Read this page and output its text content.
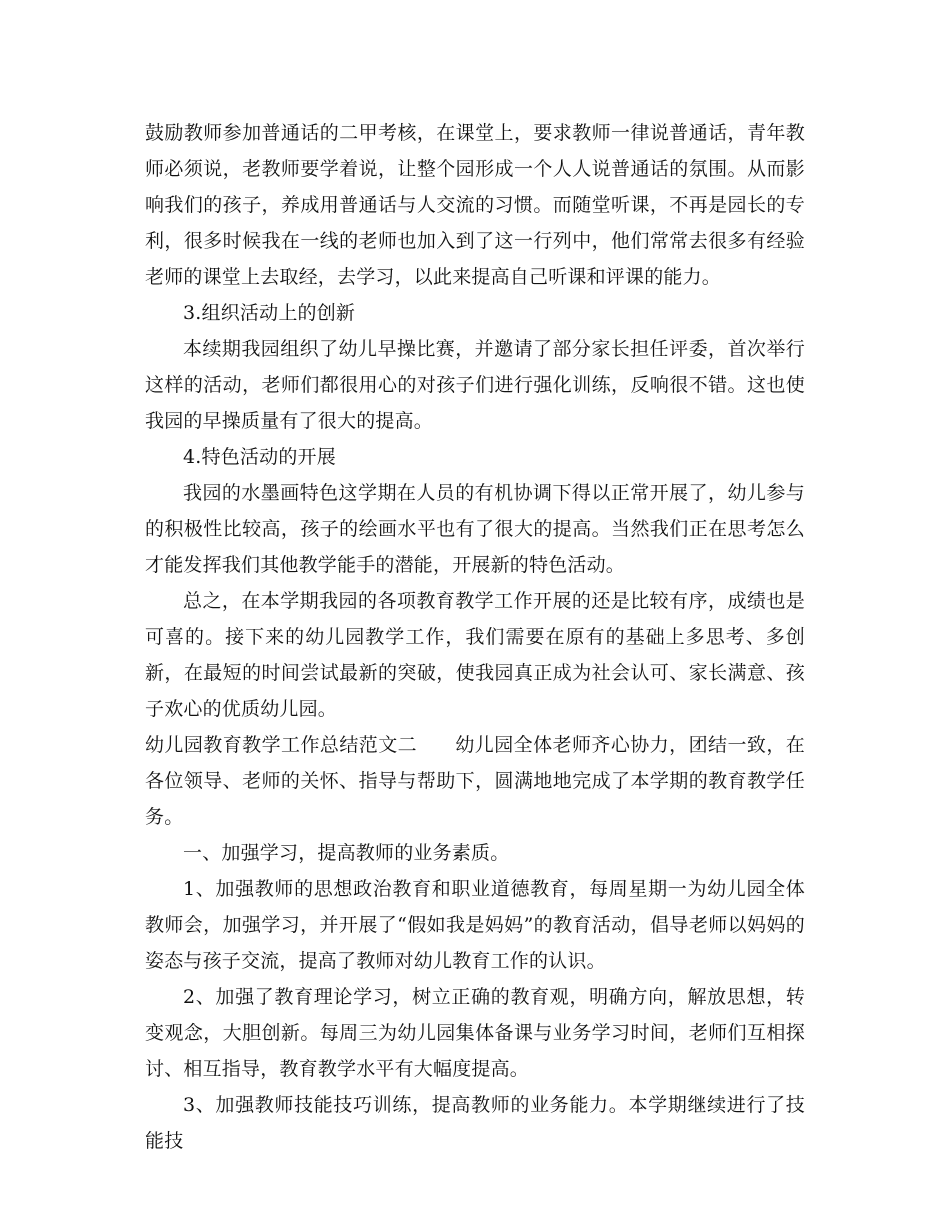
鼓励教师参加普通话的二甲考核，在课堂上，要求教师一律说普通话，青年教师必须说，老教师要学着说，让整个园形成一个人人说普通话的氛围。从而影响我们的孩子，养成用普通话与人交流的习惯。而随堂听课，不再是园长的专利，很多时候我在一线的老师也加入到了这一行列中，他们常常去很多有经验老师的课堂上去取经，去学习，以此来提高自己听课和评课的能力。

3.组织活动上的创新

本续期我园组织了幼儿早操比赛，并邀请了部分家长担任评委，首次举行这样的活动，老师们都很用心的对孩子们进行强化训练，反响很不错。这也使我园的早操质量有了很大的提高。

4.特色活动的开展

我园的水墨画特色这学期在人员的有机协调下得以正常开展了，幼儿参与的积极性比较高，孩子的绘画水平也有了很大的提高。当然我们正在思考怎么才能发挥我们其他教学能手的潜能，开展新的特色活动。

总之，在本学期我园的各项教育教学工作开展的还是比较有序，成绩也是可喜的。接下来的幼儿园教学工作，我们需要在原有的基础上多思考、多创新，在最短的时间尝试最新的突破，使我园真正成为社会认可、家长满意、孩子欢心的优质幼儿园。

幼儿园教育教学工作总结范文二 幼儿园全体老师齐心协力，团结一致，在各位领导、老师的关怀、指导与帮助下，圆满地地完成了本学期的教育教学任务。

一、加强学习，提高教师的业务素质。

1、加强教师的思想政治教育和职业道德教育，每周星期一为幼儿园全体教师会，加强学习，并开展了“假如我是妈妈”的教育活动，倡导老师以妈妈的姿态与孩子交流，提高了教师对幼儿教育工作的认识。

2、加强了教育理论学习，树立正确的教育观，明确方向，解放思想，转变观念，大胆创新。每周三为幼儿园集体备课与业务学习时间，老师们互相探讨、相互指导，教育教学水平有大幅度提高。

3、加强教师技能技巧训练，提高教师的业务能力。本学期继续进行了技能技
